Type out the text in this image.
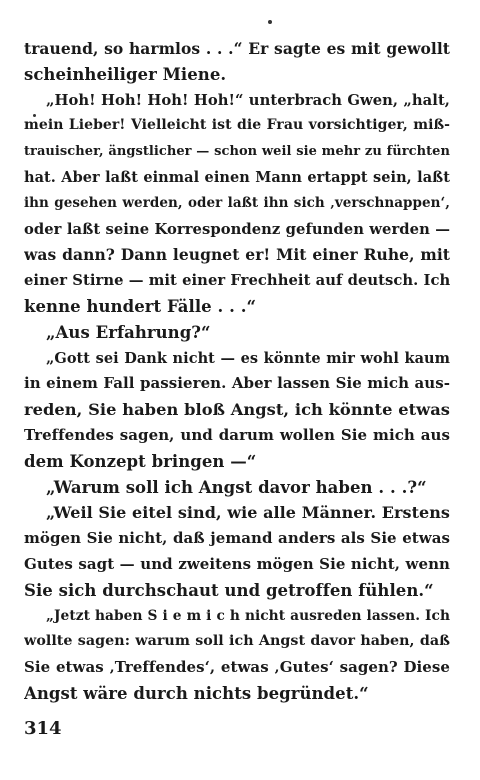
trauend, so harmlos . . .“ Er sagte es mit gewollt
scheinheiliger Miene.
„Hoh! Hoh! Hoh! Hoh!“ unterbrach Gwen, „halt,
mein Lieber! Vielleicht ist die Frau vorsichtiger, miß-
trauischer, ängstlicher — schon weil sie mehr zu fürchten
hat. Aber laßt einmal einen Mann ertappt sein, laßt
ihn gesehen werden, oder laßt ihn sich ‚verschnappen‘,
oder laßt seine Korrespondenz gefunden werden —
was dann? Dann leugnet er! Mit einer Ruhe, mit
einer Stirne — mit einer Frechheit auf deutsch. Ich
kenne hundert Fälle . . .“
„Aus Erfahrung?“
„Gott sei Dank nicht — es könnte mir wohl kaum
in einem Fall passieren. Aber lassen Sie mich aus-
reden, Sie haben bloß Angst, ich könnte etwas
Treffendes sagen, und darum wollen Sie mich aus
dem Konzept bringen —“
„Warum soll ich Angst davor haben . . .?“
„Weil Sie eitel sind, wie alle Männer. Erstens
mögen Sie nicht, daß jemand anders als Sie etwas
Gutes sagt — und zweitens mögen Sie nicht, wenn
Sie sich durchschaut und getroffen fühlen.“
„Jetzt haben S i e m i c h nicht ausreden lassen. Ich
wollte sagen: warum soll ich Angst davor haben, daß
Sie etwas ‚Treffendes‘, etwas ‚Gutes‘ sagen? Diese
Angst wäre durch nichts begründet.“
314
